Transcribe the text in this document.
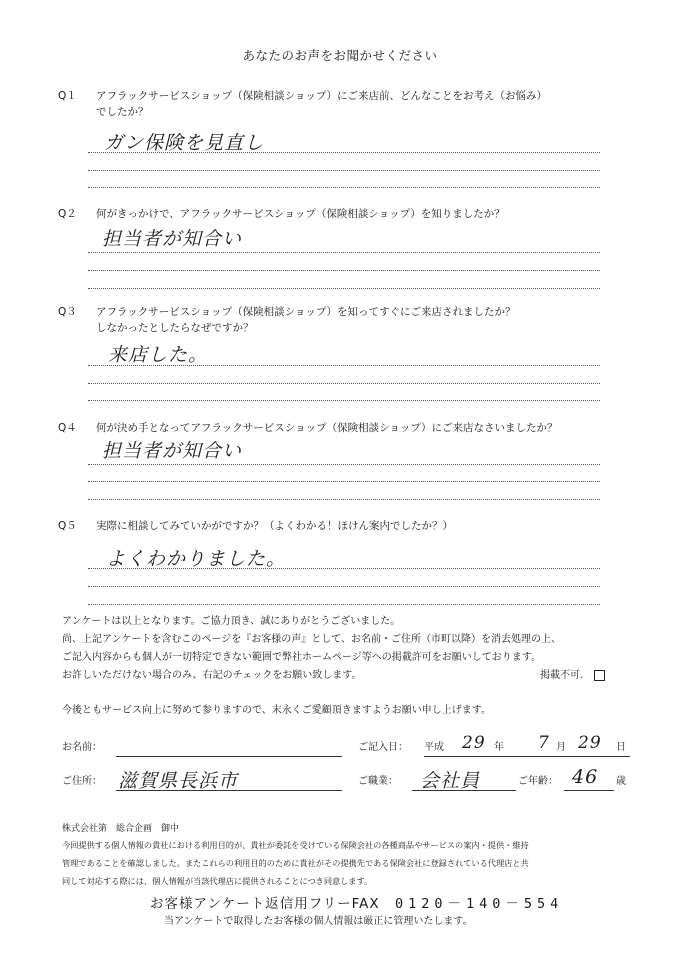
あなたのお声をお聞かせください
Q１	アフラックサービスショップ（保険相談ショップ）にご来店前、どんなことをお考え（お悩み）
でしたか？
ガン保険を見直し
Q２ 何がきっかけで、アフラックサービスショップ（保険相談ショップ）を知りましたか？
担当者が知合い
Q３ アフラックサービスショップ（保険相談ショップ）を知ってすぐにご来店されましたか？
しなかったとしたらなぜですか？
来店した。
Q４ 何が決め手となってアフラックサービスショップ（保険相談ショップ）にご来店なさいましたか？
担当者が知合い
Q５ 実際に相談してみていかがですか？（よくわかる！ほけん案内でしたか？）
よくわかりました。
アンケートは以上となります。ご協力頂き、誠にありがとうございました。
尚、上記アンケートを含むこのページを『お客様の声』として、お名前・ご住所（市町以降）を消去処理の上、
ご記入内容からも個人が一切特定できない範囲で弊社ホームページ等への掲載許可をお願いしております。
お許しいただけない場合のみ、右記のチェックをお願い致します。	掲載不可．
今後ともサービス向上に努めて参りますので、末永くご愛顧頂きますようお願い申し上げます。
お名前：	ご記入日： 平成 29 年 7 月 29 日
ご住所： 滋賀県長浜市	ご職業： 会社員	ご年齢： 46 歳
株式会社第　総合企画　御中
今回提供する個人情報の貴社における利用目的が、貴社が委託を受けている保険会社の各種商品やサービスの案内・提供・維持
管理であることを確認しました。またこれらの利用目的のために貴社がその提携先である保険会社に登録されている代理店と共
同して対応する際には、個人情報が当該代理店に提供されることにつき同意します。
お客様アンケート返信用フリーFAX 0120－140－554
当アンケートで取得したお客様の個人情報は厳正に管理いたします。
